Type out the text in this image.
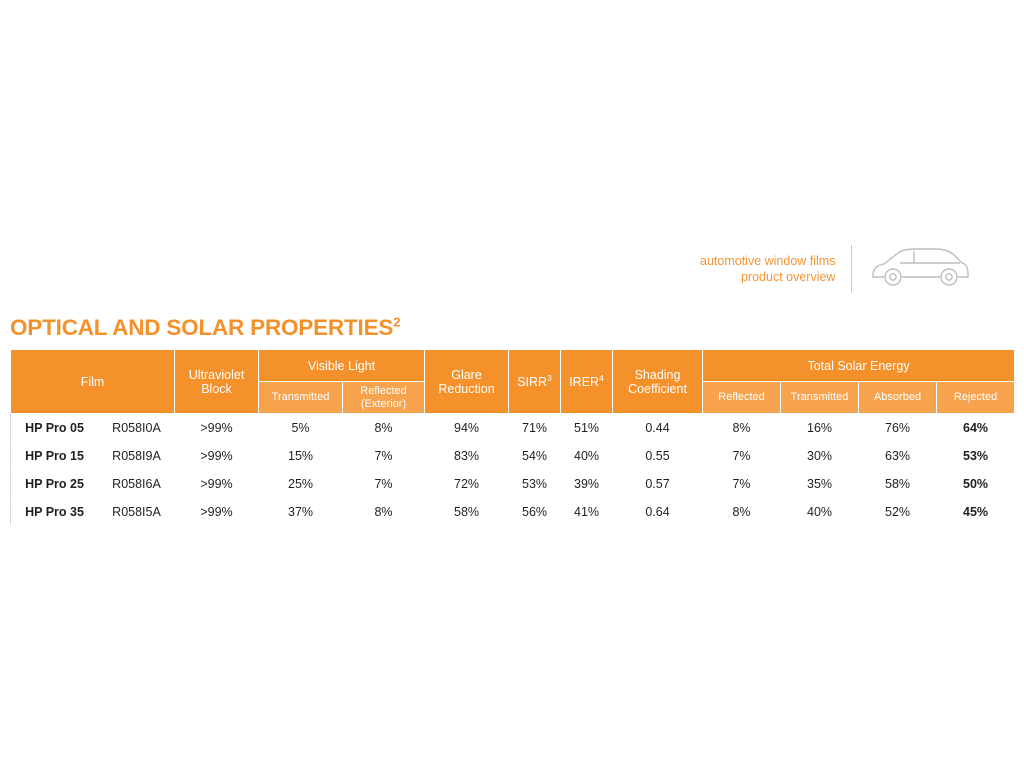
automotive window films
product overview
OPTICAL AND SOLAR PROPERTIES$^2$
Film		Ultraviolet Block	Visible Light		Glare Reduction	SIRR$^3$	IRER$^4$	Shading Coefficient	Total Solar Energy			
			Transmitted	Reflected (Exterior)					Reflected	Transmitted	Absorbed	Rejected
HP Pro 05	R058I0A	>99%	5%	8%	94%	71%	51%	0.44	8%	16%	76%	64%
HP Pro 15	R058I9A	>99%	15%	7%	83%	54%	40%	0.55	7%	30%	63%	53%
HP Pro 25	R058I6A	>99%	25%	7%	72%	53%	39%	0.57	7%	35%	58%	50%
HP Pro 35	R058I5A	>99%	37%	8%	58%	56%	41%	0.64	8%	40%	52%	45%
